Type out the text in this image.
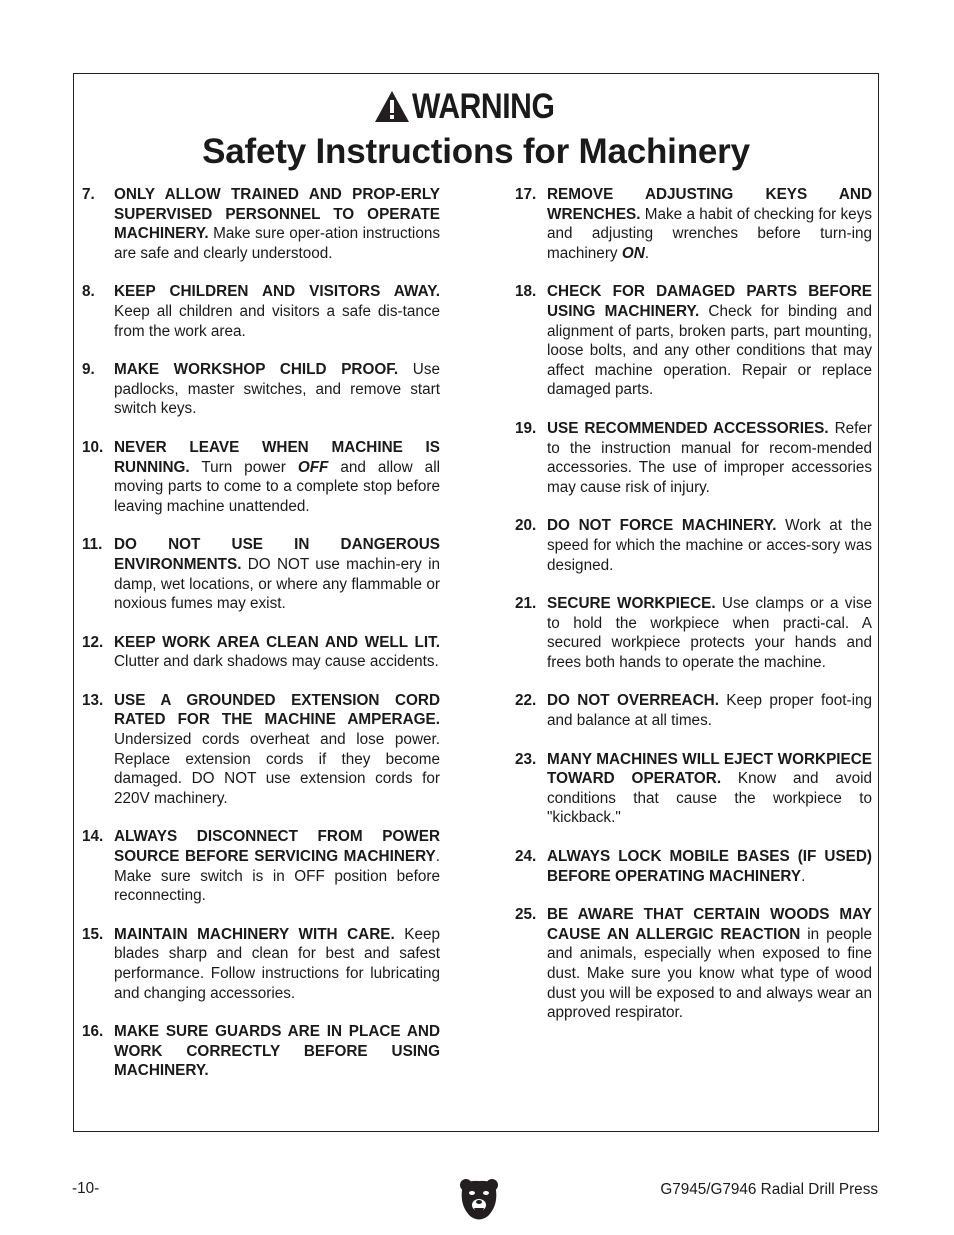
WARNING
Safety Instructions for Machinery
7.	ONLY ALLOW TRAINED AND PROP-ERLY SUPERVISED PERSONNEL TO OPERATE MACHINERY. Make sure oper-ation instructions are safe and clearly understood.
8.	KEEP CHILDREN AND VISITORS AWAY. Keep all children and visitors a safe dis-tance from the work area.
9.	MAKE WORKSHOP CHILD PROOF. Use padlocks, master switches, and remove start switch keys.
10. NEVER LEAVE WHEN MACHINE IS RUNNING. Turn power OFF and allow all moving parts to come to a complete stop before leaving machine unattended.
11. DO NOT USE IN DANGEROUS ENVIRONMENTS. DO NOT use machin-ery in damp, wet locations, or where any flammable or noxious fumes may exist.
12. KEEP WORK AREA CLEAN AND WELL LIT. Clutter and dark shadows may cause accidents.
13. USE A GROUNDED EXTENSION CORD RATED FOR THE MACHINE AMPERAGE. Undersized cords overheat and lose power. Replace extension cords if they become damaged. DO NOT use extension cords for 220V machinery.
14. ALWAYS DISCONNECT FROM POWER SOURCE BEFORE SERVICING MACHINERY. Make sure switch is in OFF position before reconnecting.
15. MAINTAIN MACHINERY WITH CARE. Keep blades sharp and clean for best and safest performance. Follow instructions for lubricating and changing accessories.
16. MAKE SURE GUARDS ARE IN PLACE AND WORK CORRECTLY BEFORE USING MACHINERY.
17. REMOVE ADJUSTING KEYS AND WRENCHES. Make a habit of checking for keys and adjusting wrenches before turn-ing machinery ON.
18. CHECK FOR DAMAGED PARTS BEFORE USING MACHINERY. Check for binding and alignment of parts, broken parts, part mounting, loose bolts, and any other conditions that may affect machine operation. Repair or replace damaged parts.
19. USE RECOMMENDED ACCESSORIES. Refer to the instruction manual for recom-mended accessories. The use of improper accessories may cause risk of injury.
20. DO NOT FORCE MACHINERY. Work at the speed for which the machine or acces-sory was designed.
21. SECURE WORKPIECE. Use clamps or a vise to hold the workpiece when practi-cal. A secured workpiece protects your hands and frees both hands to operate the machine.
22. DO NOT OVERREACH. Keep proper foot-ing and balance at all times.
23. MANY MACHINES WILL EJECT WORKPIECE TOWARD OPERATOR. Know and avoid conditions that cause the workpiece to "kickback."
24. ALWAYS LOCK MOBILE BASES (IF USED) BEFORE OPERATING MACHINERY.
25. BE AWARE THAT CERTAIN WOODS MAY CAUSE AN ALLERGIC REACTION in people and animals, especially when exposed to fine dust. Make sure you know what type of wood dust you will be exposed to and always wear an approved respirator.
-10-	G7945/G7946 Radial Drill Press
